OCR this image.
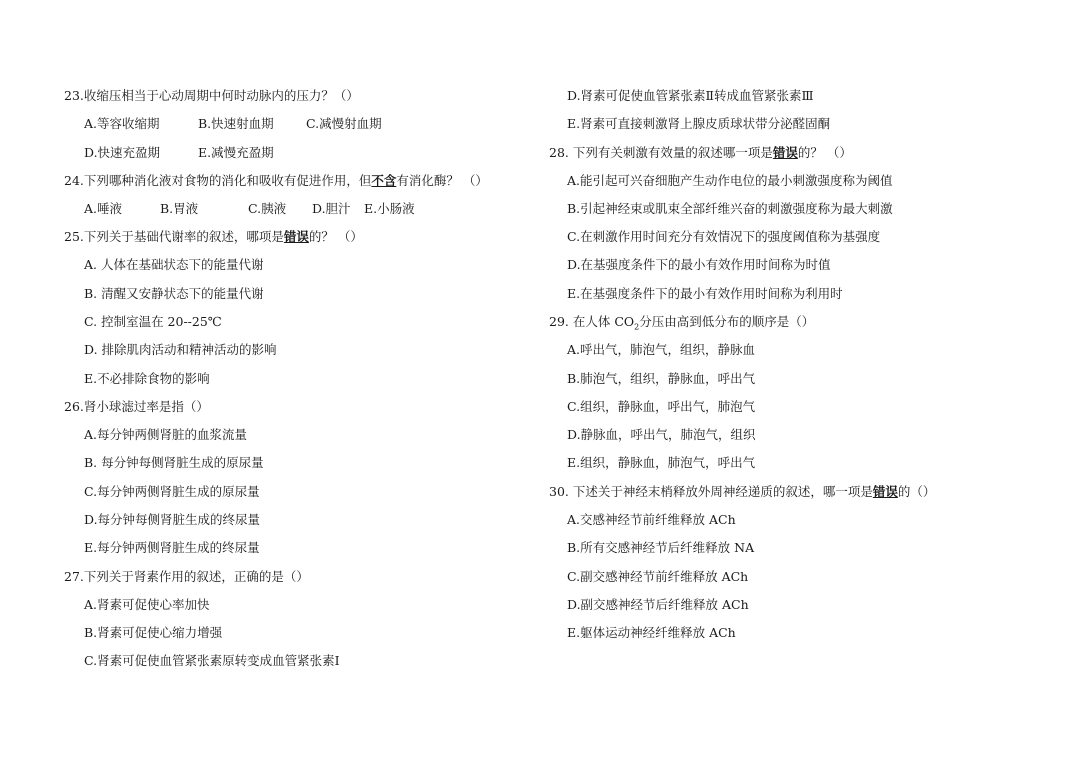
23.收缩压相当于心动周期中何时动脉内的压力？（）
A.等容收缩期	B.快速射血期	C.减慢射血期
D.快速充盈期	E.减慢充盈期
24.下列哪种消化液对食物的消化和吸收有促进作用，但不含有消化酶？ （）
A.唾液	B.胃液	C.胰液 D.胆汁 E.小肠液
25.下列关于基础代谢率的叙述，哪项是错误的？ （）
A. 人体在基础状态下的能量代谢
B. 清醒又安静状态下的能量代谢
C. 控制室温在 20--25℃
D. 排除肌肉活动和精神活动的影响
E.不必排除食物的影响
26.肾小球滤过率是指（）
A.每分钟两侧肾脏的血浆流量
B. 每分钟每侧肾脏生成的原尿量
C.每分钟两侧肾脏生成的原尿量
D.每分钟每侧肾脏生成的终尿量
E.每分钟两侧肾脏生成的终尿量
27.下列关于肾素作用的叙述，正确的是（）
A.肾素可促使心率加快
B.肾素可促使心缩力增强
C.肾素可促使血管紧张素原转变成血管紧张素Ⅰ
D.肾素可促使血管紧张素Ⅱ转成血管紧张素Ⅲ
E.肾素可直接刺激肾上腺皮质球状带分泌醛固酮
28. 下列有关刺激有效量的叙述哪一项是错误的？ （）
A.能引起可兴奋细胞产生动作电位的最小刺激强度称为阈值
B.引起神经束或肌束全部纤维兴奋的刺激强度称为最大刺激
C.在刺激作用时间充分有效情况下的强度阈值称为基强度
D.在基强度条件下的最小有效作用时间称为时值
E.在基强度条件下的最小有效作用时间称为利用时
29. 在人体 $CO_2$分压由高到低分布的顺序是（）
A.呼出气，肺泡气，组织，静脉血
B.肺泡气，组织，静脉血，呼出气
C.组织，静脉血，呼出气，肺泡气
D.静脉血，呼出气，肺泡气，组织
E.组织，静脉血，肺泡气，呼出气
30. 下述关于神经末梢释放外周神经递质的叙述，哪一项是错误的（）
A.交感神经节前纤维释放 ACh
B.所有交感神经节后纤维释放 NA
C.副交感神经节前纤维释放 ACh
D.副交感神经节后纤维释放 ACh
E.躯体运动神经纤维释放 ACh
